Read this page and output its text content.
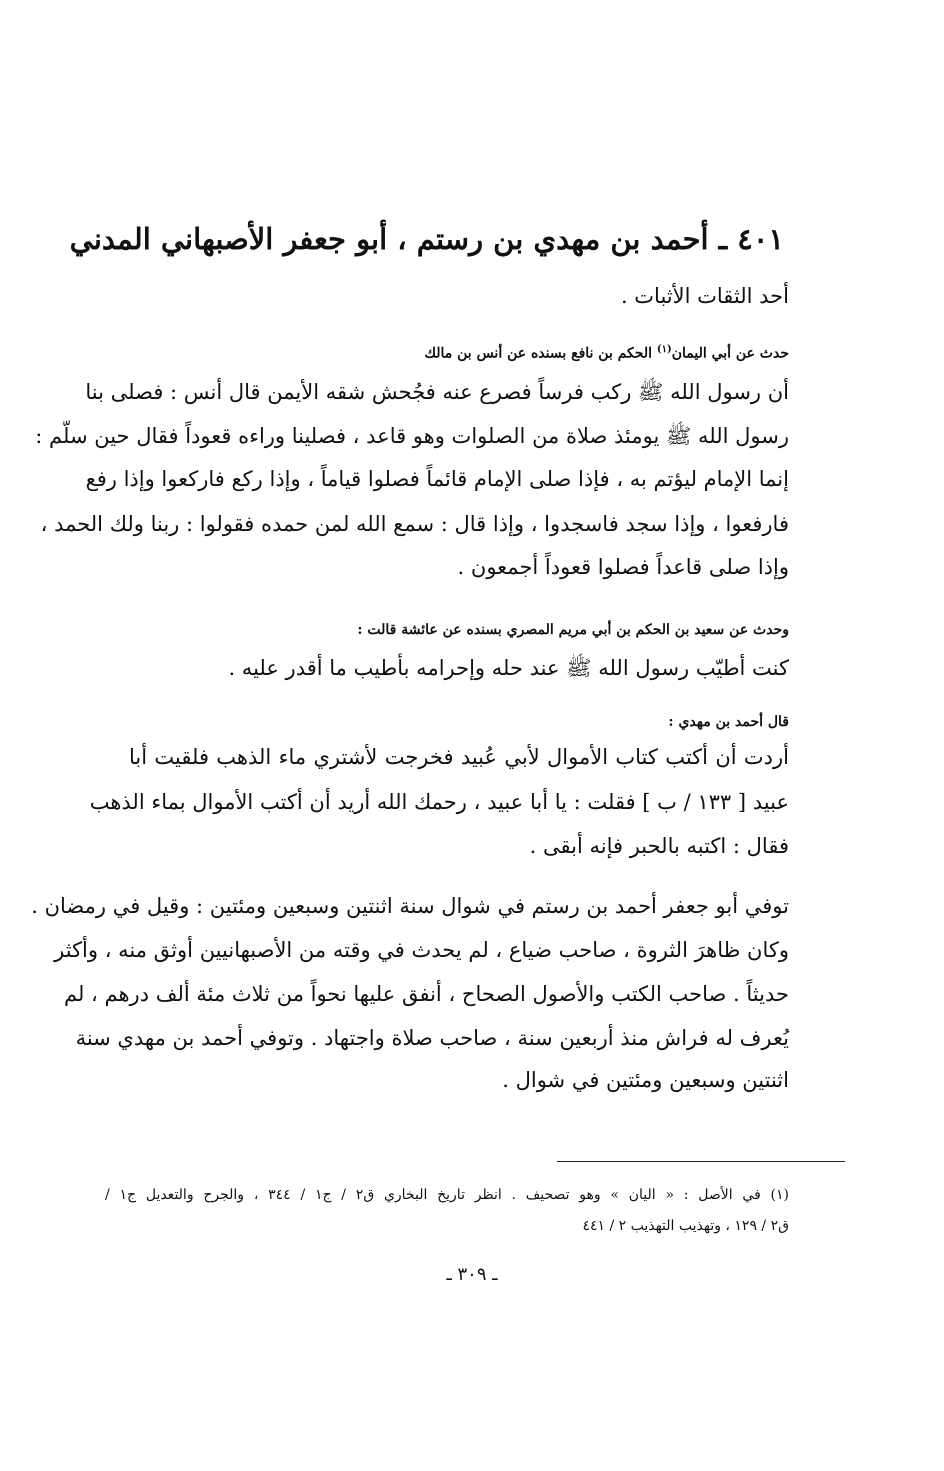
٤٠١ ـ أحمد بن مهدي بن رستم ، أبو جعفر الأصبهاني المدني
أحد الثقات الأثبات .
حدث عن أبي اليمان$^{(١)}$ الحكم بن نافع بسنده عن أنس بن مالك
أن رسول الله ﷺ ركب فرساً فصرع عنه فجُحش شقه الأيمن قال أنس : فصلى بنا
رسول الله ﷺ يومئذ صلاة من الصلوات وهو قاعد ، فصلينا وراءه قعوداً فقال حين سلّم :
إنما الإمام ليؤتم به ، فإذا صلى الإمام قائماً فصلوا قياماً ، وإذا ركع فاركعوا وإذا رفع
فارفعوا ، وإذا سجد فاسجدوا ، وإذا قال : سمع الله لمن حمده فقولوا : ربنا ولك الحمد ،
وإذا صلى قاعداً فصلوا قعوداً أجمعون .
وحدث عن سعيد بن الحكم بن أبي مريم المصري بسنده عن عائشة قالت :
كنت أطيّب رسول الله ﷺ عند حله وإحرامه بأطيب ما أقدر عليه .
قال أحمد بن مهدي :
أردت أن أكتب كتاب الأموال لأبي عُبيد فخرجت لأشتري ماء الذهب فلقيت أبا
عبيد [ ١٣٣ / ب ] فقلت : يا أبا عبيد ، رحمك الله أريد أن أكتب الأموال بماء الذهب
فقال : اكتبه بالحبر فإنه أبقى .
توفي أبو جعفر أحمد بن رستم في شوال سنة اثنتين وسبعين ومئتين : وقيل في رمضان .
وكان ظاهرَ الثروة ، صاحب ضياع ، لم يحدث في وقته من الأصبهانيين أوثق منه ، وأكثر
حديثاً . صاحب الكتب والأصول الصحاح ، أنفق عليها نحواً من ثلاث مئة ألف درهم ، لم
يُعرف له فراش منذ أربعين سنة ، صاحب صلاة واجتهاد . وتوفي أحمد بن مهدي سنة
اثنتين وسبعين ومئتين في شوال .
(١) في الأصل : « اليان » وهو تصحيف . انظر تاريخ البخاري ق٢ / ج١ / ٣٤٤ ، والجرح والتعديل ج١ /
ق٢ / ١٢٩ ، وتهذيب التهذيب ٢ / ٤٤١
ـ ٣٠٩ ـ
